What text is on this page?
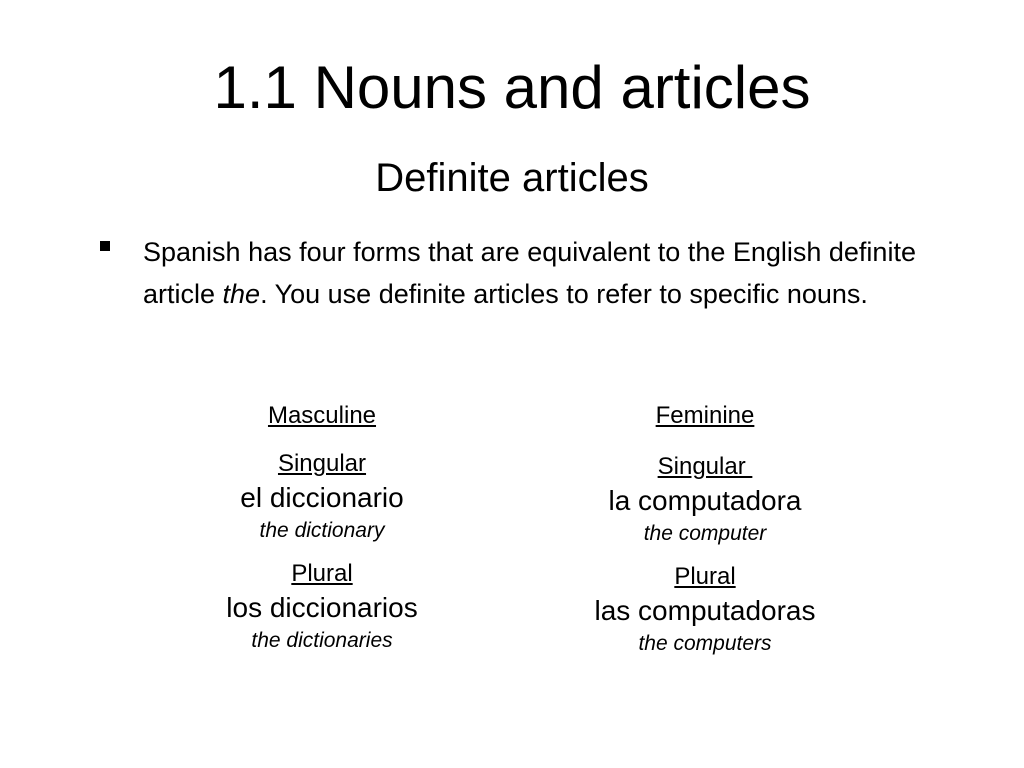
1.1 Nouns and articles
Definite articles
Spanish has four forms that are equivalent to the English definite article the. You use definite articles to refer to specific nouns.
Masculine
Singular
el diccionario
the dictionary
Plural
los diccionarios
the dictionaries
Feminine
Singular
la computadora
the computer
Plural
las computadoras
the computers
